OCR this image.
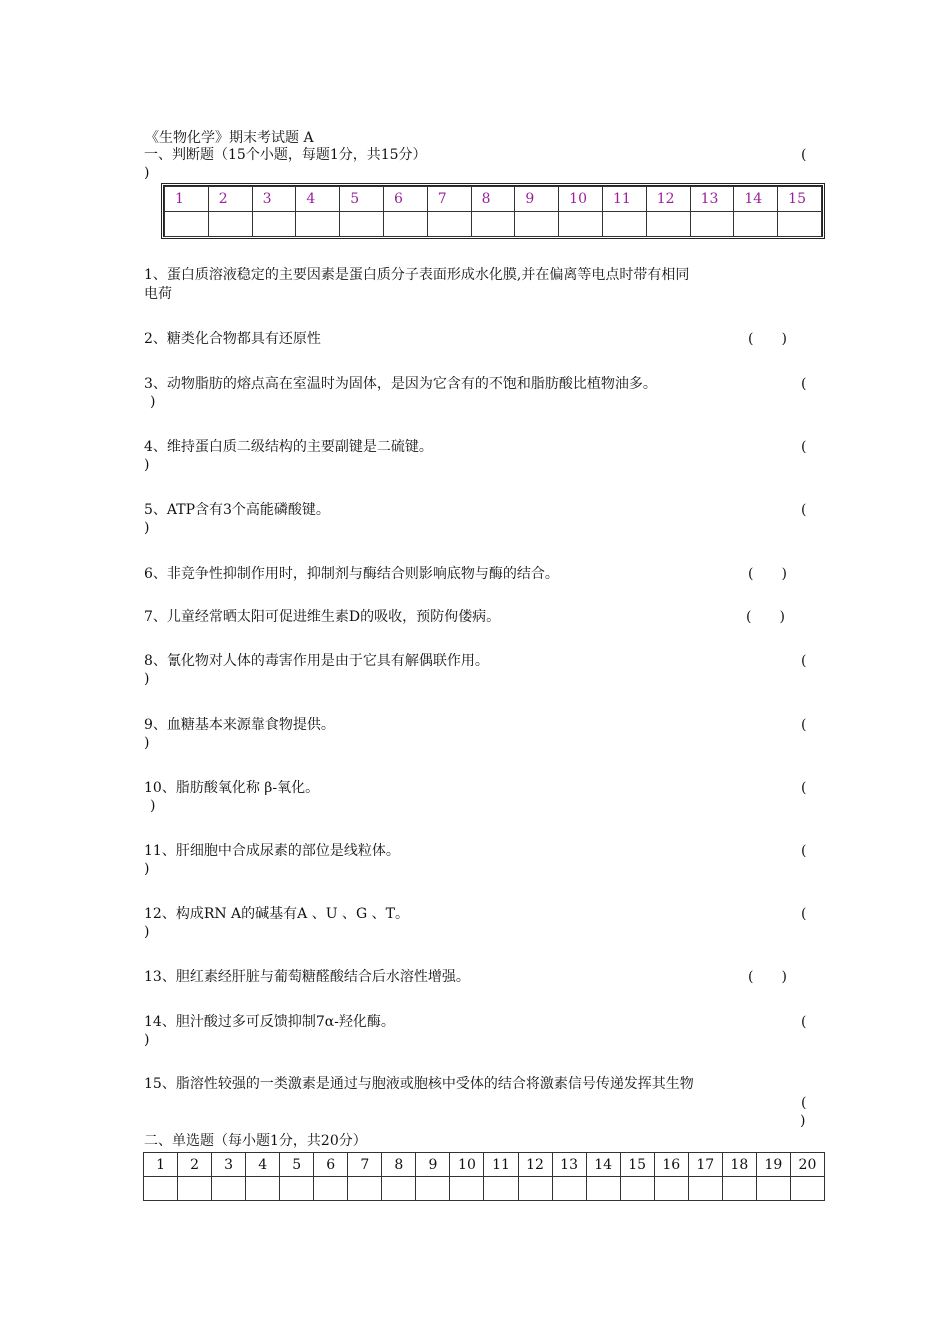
《生物化学》期末考试题 A
一、判断题（15个小题，每题1分，共15分）	(
)
1	2	3	4	5	6	7	8	9	10	11	12	13	14	15

1、蛋白质溶液稳定的主要因素是蛋白质分子表面形成水化膜,并在偏离等电点时带有相同
电荷
2、糖类化合物都具有还原性	(　　)
3、动物脂肪的熔点高在室温时为固体，是因为它含有的不饱和脂肪酸比植物油多。	(
)
4、维持蛋白质二级结构的主要副键是二硫键。	(
)
5、ATP含有3个高能磷酸键。	(
)
6、非竞争性抑制作用时，抑制剂与酶结合则影响底物与酶的结合。	(　　)
7、儿童经常晒太阳可促进维生素D的吸收，预防佝偻病。	(　　)
8、氰化物对人体的毒害作用是由于它具有解偶联作用。	(
)
9、血糖基本来源靠食物提供。	(
)
10、脂肪酸氧化称 β-氧化。	(
)
11、肝细胞中合成尿素的部位是线粒体。	(
)
12、构成RN A的碱基有A 、U 、G 、T。	(
)
13、胆红素经肝脏与葡萄糖醛酸结合后水溶性增强。	(　　)
14、胆汁酸过多可反馈抑制7α-羟化酶。	(
)
15、脂溶性较强的一类激素是通过与胞液或胞核中受体的结合将激素信号传递发挥其生物
(
)
二、单选题（每小题1分，共20分）
1	2	3	4	5	6	7	8	9	10	11	12	13	14	15	16	17	18	19	20
